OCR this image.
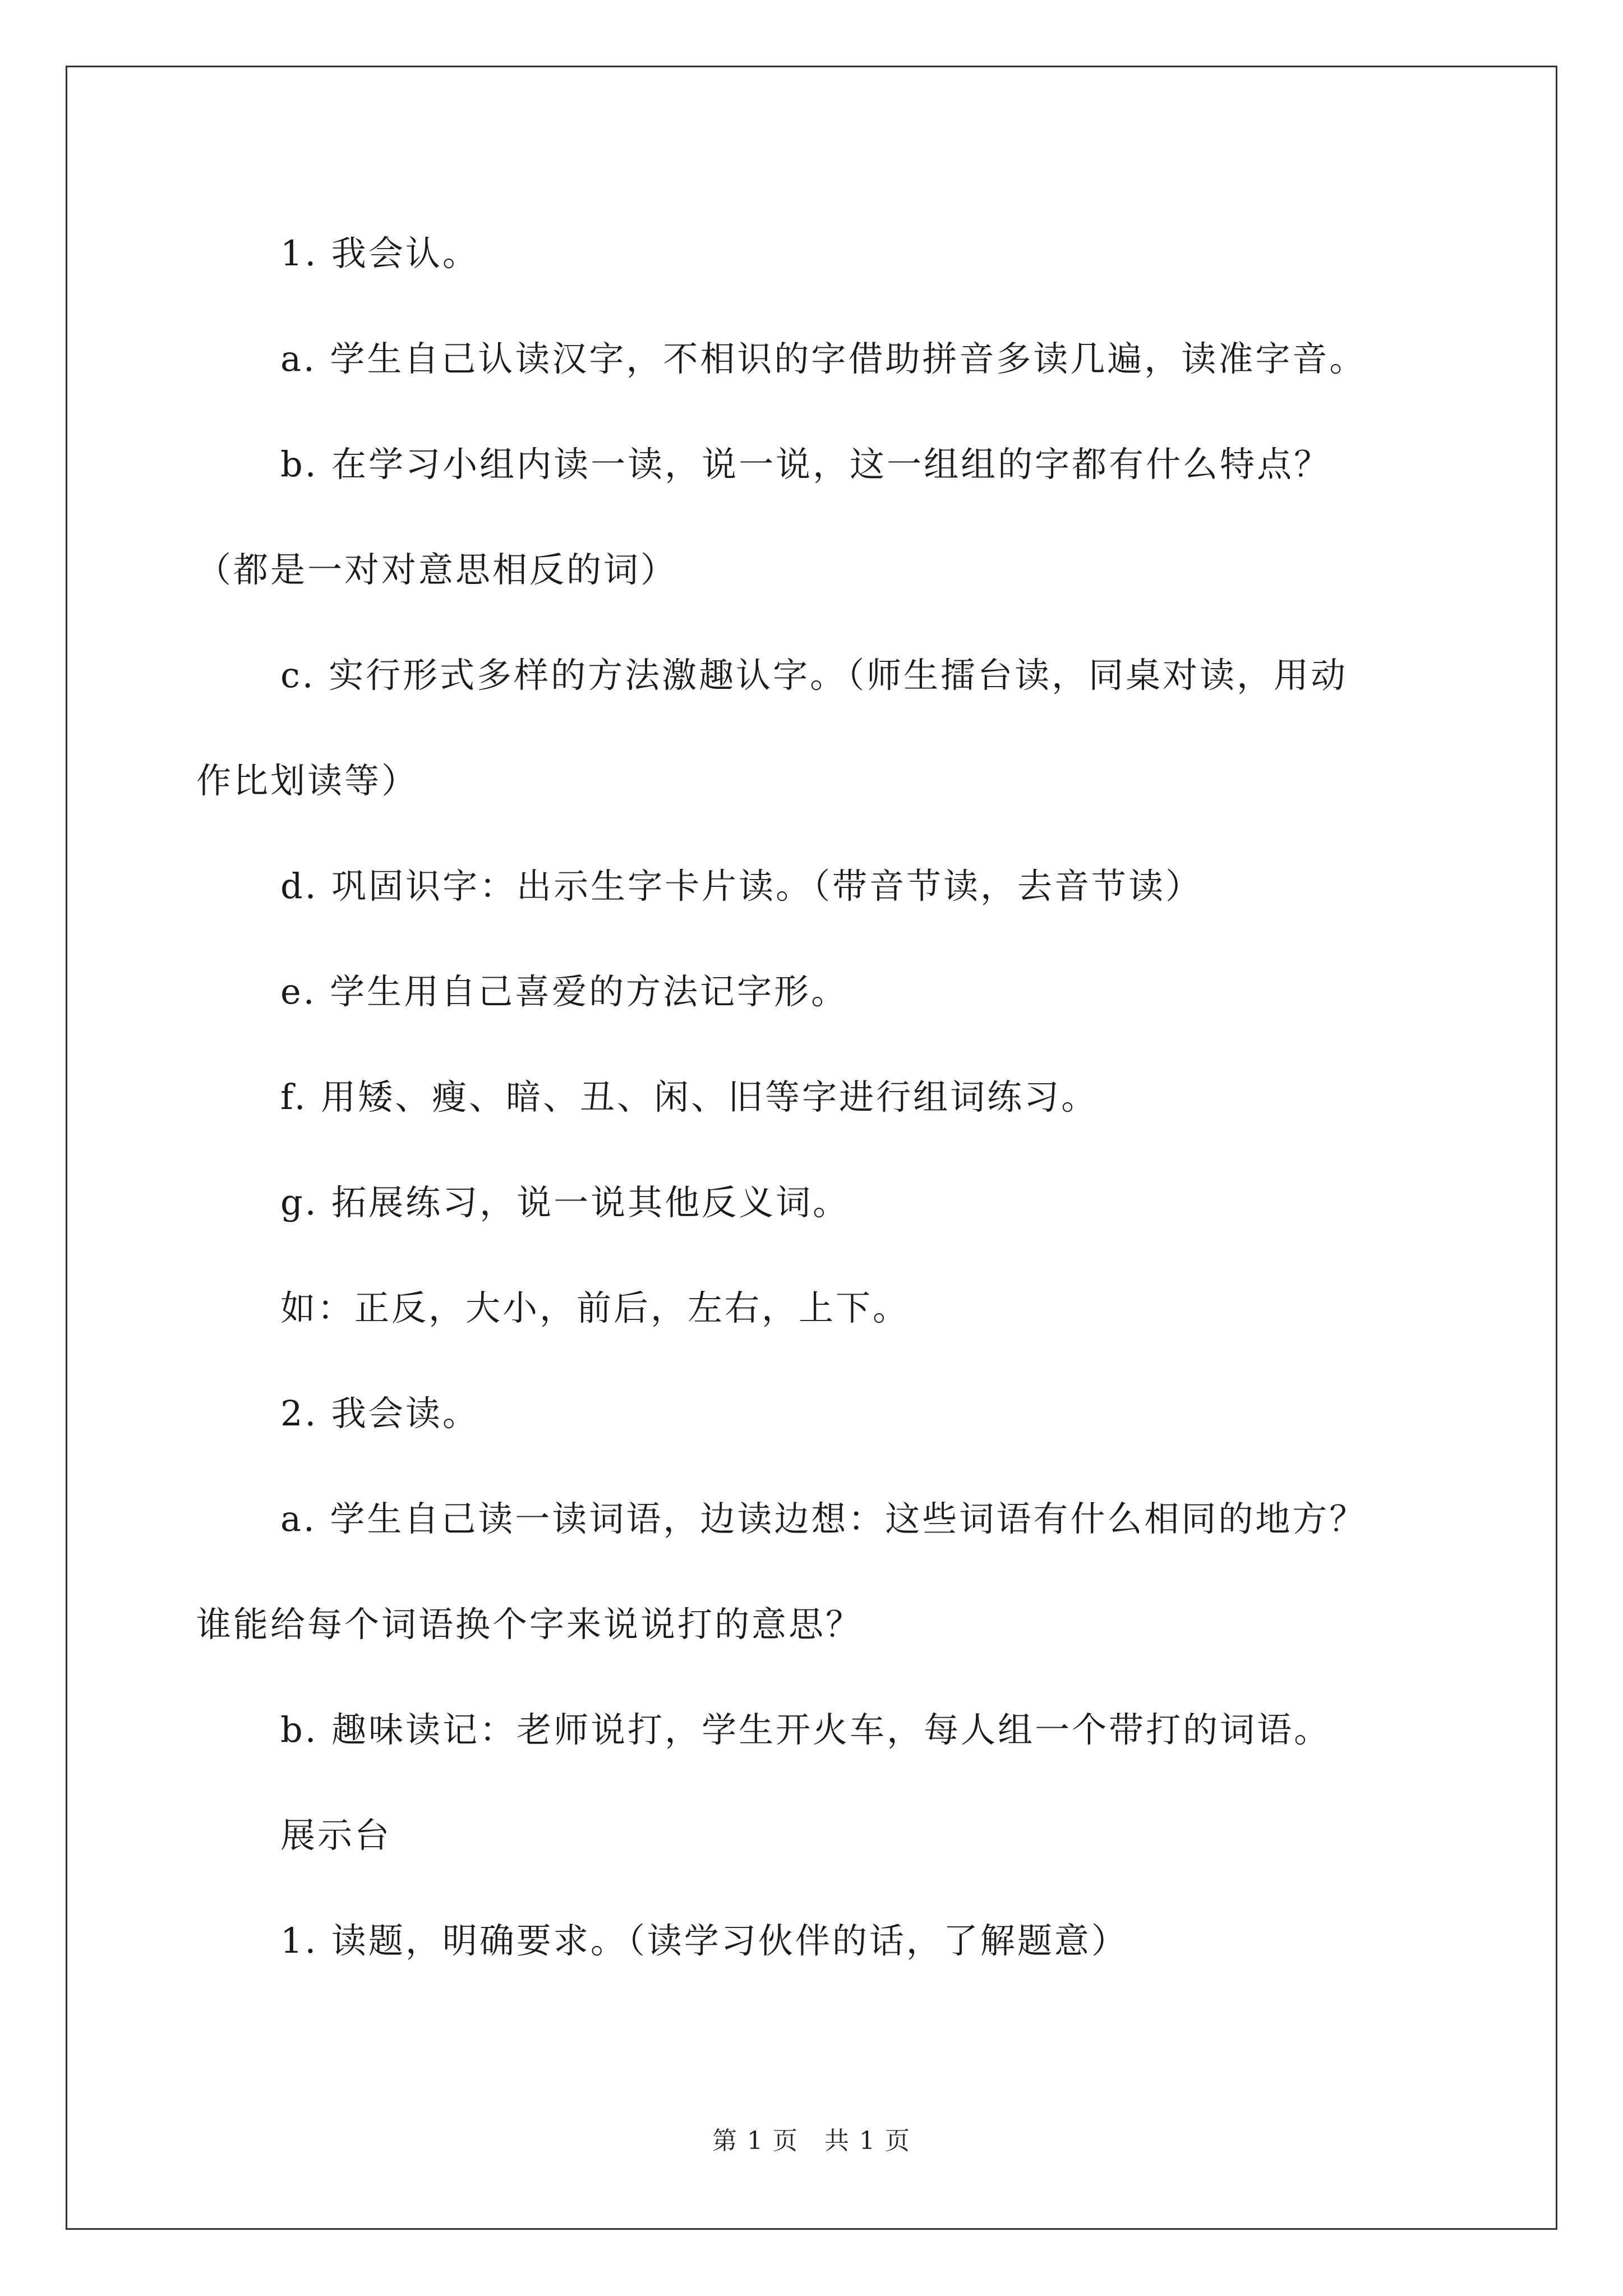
1. 我会认。
a. 学生自己认读汉字，不相识的字借助拼音多读几遍，读准字音。
b. 在学习小组内读一读，说一说，这一组组的字都有什么特点？
（都是一对对意思相反的词）
c. 实行形式多样的方法激趣认字。（师生擂台读，同桌对读，用动
作比划读等）
d. 巩固识字：出示生字卡片读。（带音节读，去音节读）
e. 学生用自己喜爱的方法记字形。
f. 用矮、瘦、暗、丑、闲、旧等字进行组词练习。
g. 拓展练习，说一说其他反义词。
如：正反，大小，前后，左右，上下。
2. 我会读。
a. 学生自己读一读词语，边读边想：这些词语有什么相同的地方？
谁能给每个词语换个字来说说打的意思？
b. 趣味读记：老师说打，学生开火车，每人组一个带打的词语。
展示台
1. 读题，明确要求。（读学习伙伴的话，了解题意）
第 1 页　共 1 页
